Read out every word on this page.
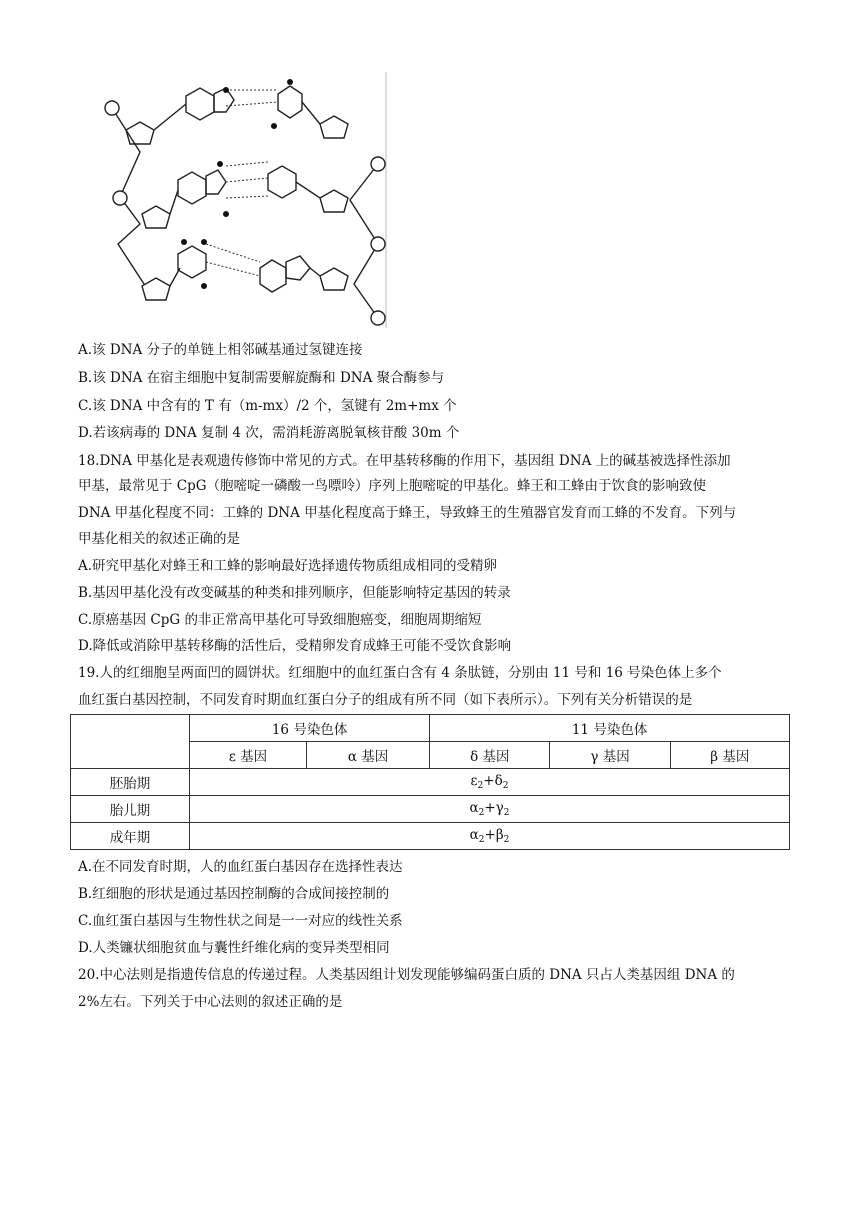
A.该 DNA 分子的单链上相邻碱基通过氢键连接
B.该 DNA 在宿主细胞中复制需要解旋酶和 DNA 聚合酶参与
C.该 DNA 中含有的 T 有（m-mx）/2 个，氢键有 2m+mx 个
D.若该病毒的 DNA 复制 4 次，需消耗游离脱氧核苷酸 30m 个
18.DNA 甲基化是表观遗传修饰中常见的方式。在甲基转移酶的作用下，基因组 DNA 上的碱基被选择性添加
甲基，最常见于 CpG（胞嘧啶一磷酸一鸟嘌呤）序列上胞嘧啶的甲基化。蜂王和工蜂由于饮食的影响致使
DNA 甲基化程度不同：工蜂的 DNA 甲基化程度高于蜂王，导致蜂王的生殖器官发育而工蜂的不发育。下列与
甲基化相关的叙述正确的是
A.研究甲基化对蜂王和工蜂的影响最好选择遗传物质组成相同的受精卵
B.基因甲基化没有改变碱基的种类和排列顺序，但能影响特定基因的转录
C.原癌基因 CpG 的非正常高甲基化可导致细胞癌变，细胞周期缩短
D.降低或消除甲基转移酶的活性后，受精卵发育成蜂王可能不受饮食影响
19.人的红细胞呈两面凹的圆饼状。红细胞中的血红蛋白含有 4 条肽链，分别由 11 号和 16 号染色体上多个
血红蛋白基因控制，不同发育时期血红蛋白分子的组成有所不同（如下表所示）。下列有关分析错误的是
	16 号染色体		11 号染色体		
	ε 基因	α 基因	δ 基因	γ 基因	β 基因
胚胎期	$\varepsilon_2+\delta_2$
胎儿期	$\alpha_2+\gamma_2$
成年期	$\alpha_2+\beta_2$
A.在不同发育时期，人的血红蛋白基因存在选择性表达
B.红细胞的形状是通过基因控制酶的合成间接控制的
C.血红蛋白基因与生物性状之间是一一对应的线性关系
D.人类镰状细胞贫血与囊性纤维化病的变异类型相同
20.中心法则是指遗传信息的传递过程。人类基因组计划发现能够编码蛋白质的 DNA 只占人类基因组 DNA 的
2%左右。下列关于中心法则的叙述正确的是
